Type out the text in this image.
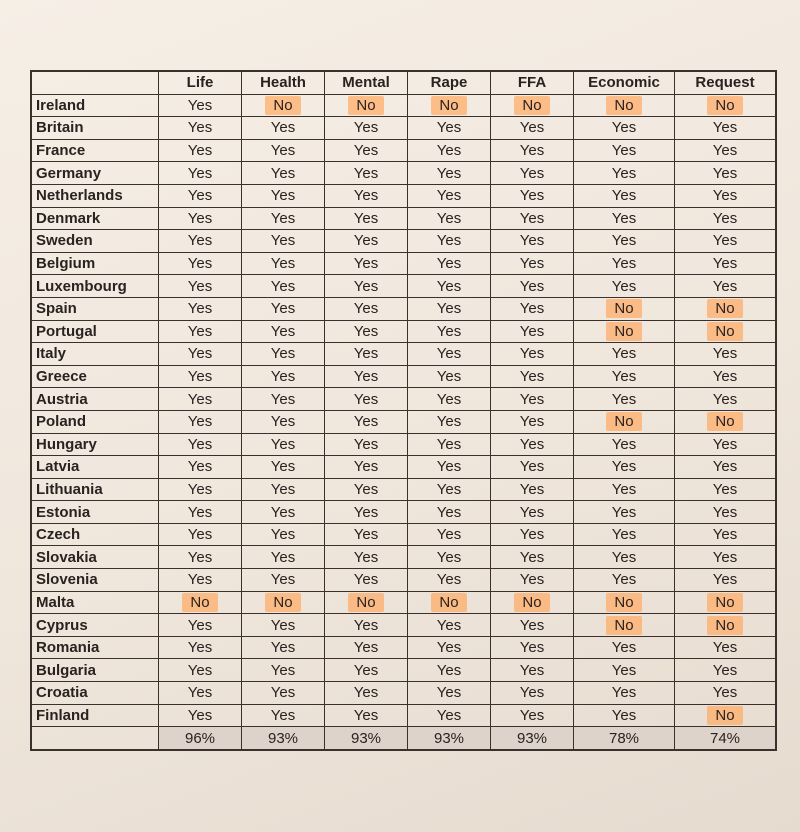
	Life	Health	Mental	Rape	FFA	Economic	Request
Ireland	Yes	No	No	No	No	No	No
Britain	Yes	Yes	Yes	Yes	Yes	Yes	Yes
France	Yes	Yes	Yes	Yes	Yes	Yes	Yes
Germany	Yes	Yes	Yes	Yes	Yes	Yes	Yes
Netherlands	Yes	Yes	Yes	Yes	Yes	Yes	Yes
Denmark	Yes	Yes	Yes	Yes	Yes	Yes	Yes
Sweden	Yes	Yes	Yes	Yes	Yes	Yes	Yes
Belgium	Yes	Yes	Yes	Yes	Yes	Yes	Yes
Luxembourg	Yes	Yes	Yes	Yes	Yes	Yes	Yes
Spain	Yes	Yes	Yes	Yes	Yes	No	No
Portugal	Yes	Yes	Yes	Yes	Yes	No	No
Italy	Yes	Yes	Yes	Yes	Yes	Yes	Yes
Greece	Yes	Yes	Yes	Yes	Yes	Yes	Yes
Austria	Yes	Yes	Yes	Yes	Yes	Yes	Yes
Poland	Yes	Yes	Yes	Yes	Yes	No	No
Hungary	Yes	Yes	Yes	Yes	Yes	Yes	Yes
Latvia	Yes	Yes	Yes	Yes	Yes	Yes	Yes
Lithuania	Yes	Yes	Yes	Yes	Yes	Yes	Yes
Estonia	Yes	Yes	Yes	Yes	Yes	Yes	Yes
Czech	Yes	Yes	Yes	Yes	Yes	Yes	Yes
Slovakia	Yes	Yes	Yes	Yes	Yes	Yes	Yes
Slovenia	Yes	Yes	Yes	Yes	Yes	Yes	Yes
Malta	No	No	No	No	No	No	No
Cyprus	Yes	Yes	Yes	Yes	Yes	No	No
Romania	Yes	Yes	Yes	Yes	Yes	Yes	Yes
Bulgaria	Yes	Yes	Yes	Yes	Yes	Yes	Yes
Croatia	Yes	Yes	Yes	Yes	Yes	Yes	Yes
Finland	Yes	Yes	Yes	Yes	Yes	Yes	No
	96%	93%	93%	93%	93%	78%	74%
